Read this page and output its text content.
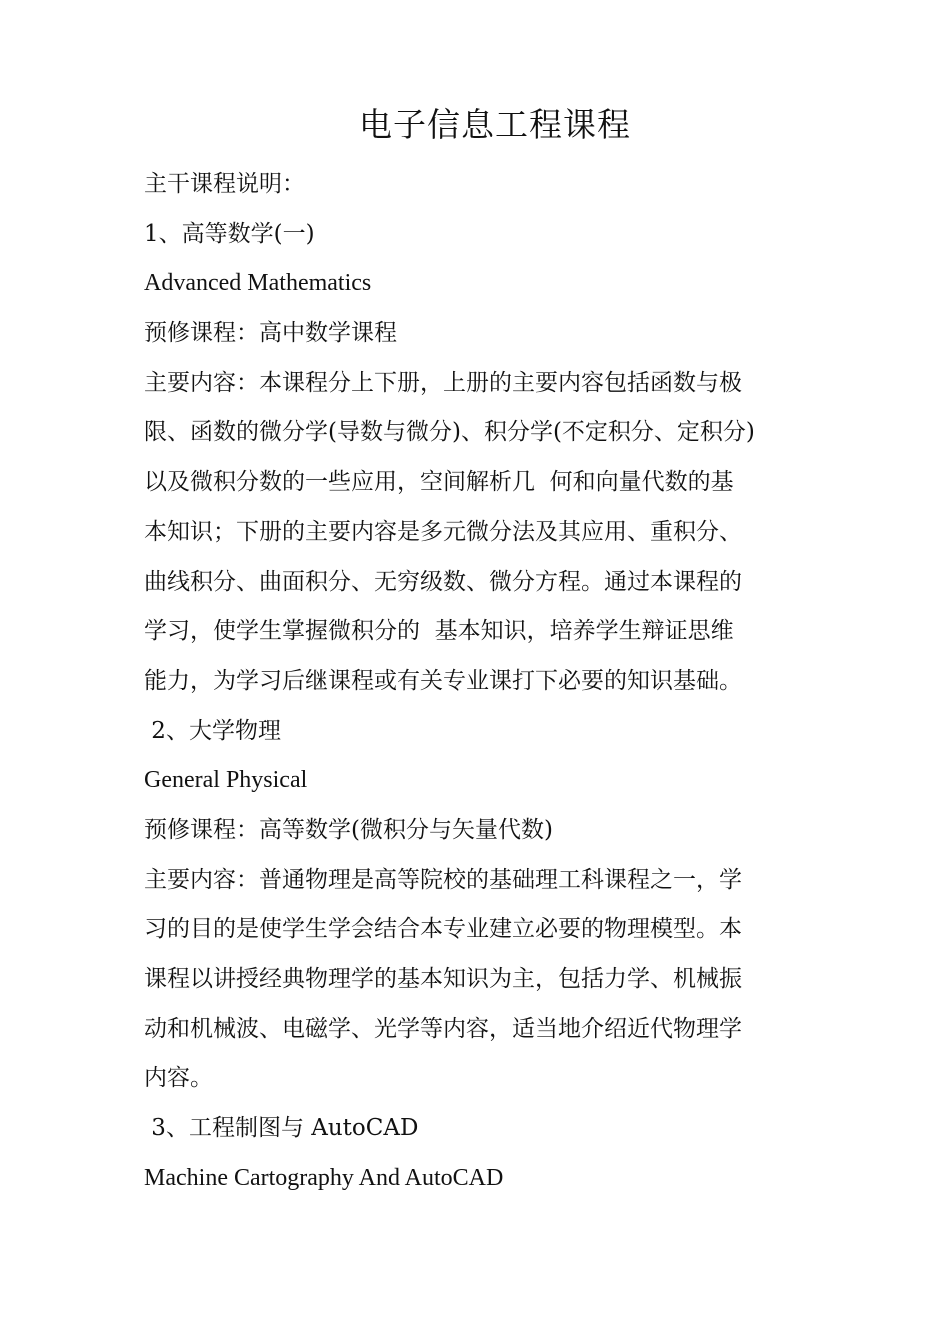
电子信息工程课程
主干课程说明：
1、高等数学(一)
Advanced Mathematics
预修课程：高中数学课程
主要内容：本课程分上下册，上册的主要内容包括函数与极
限、函数的微分学(导数与微分)、积分学(不定积分、定积分)
以及微积分数的一些应用，空间解析几  何和向量代数的基
本知识；下册的主要内容是多元微分法及其应用、重积分、
曲线积分、曲面积分、无穷级数、微分方程。通过本课程的
学习，使学生掌握微积分的  基本知识，培养学生辩证思维
能力，为学习后继课程或有关专业课打下必要的知识基础。
2、大学物理
General Physical
预修课程：高等数学(微积分与矢量代数)
主要内容：普通物理是高等院校的基础理工科课程之一，学
习的目的是使学生学会结合本专业建立必要的物理模型。本
课程以讲授经典物理学的基本知识为主，包括力学、机械振
动和机械波、电磁学、光学等内容，适当地介绍近代物理学
内容。
3、工程制图与 AutoCAD
Machine Cartography And AutoCAD
